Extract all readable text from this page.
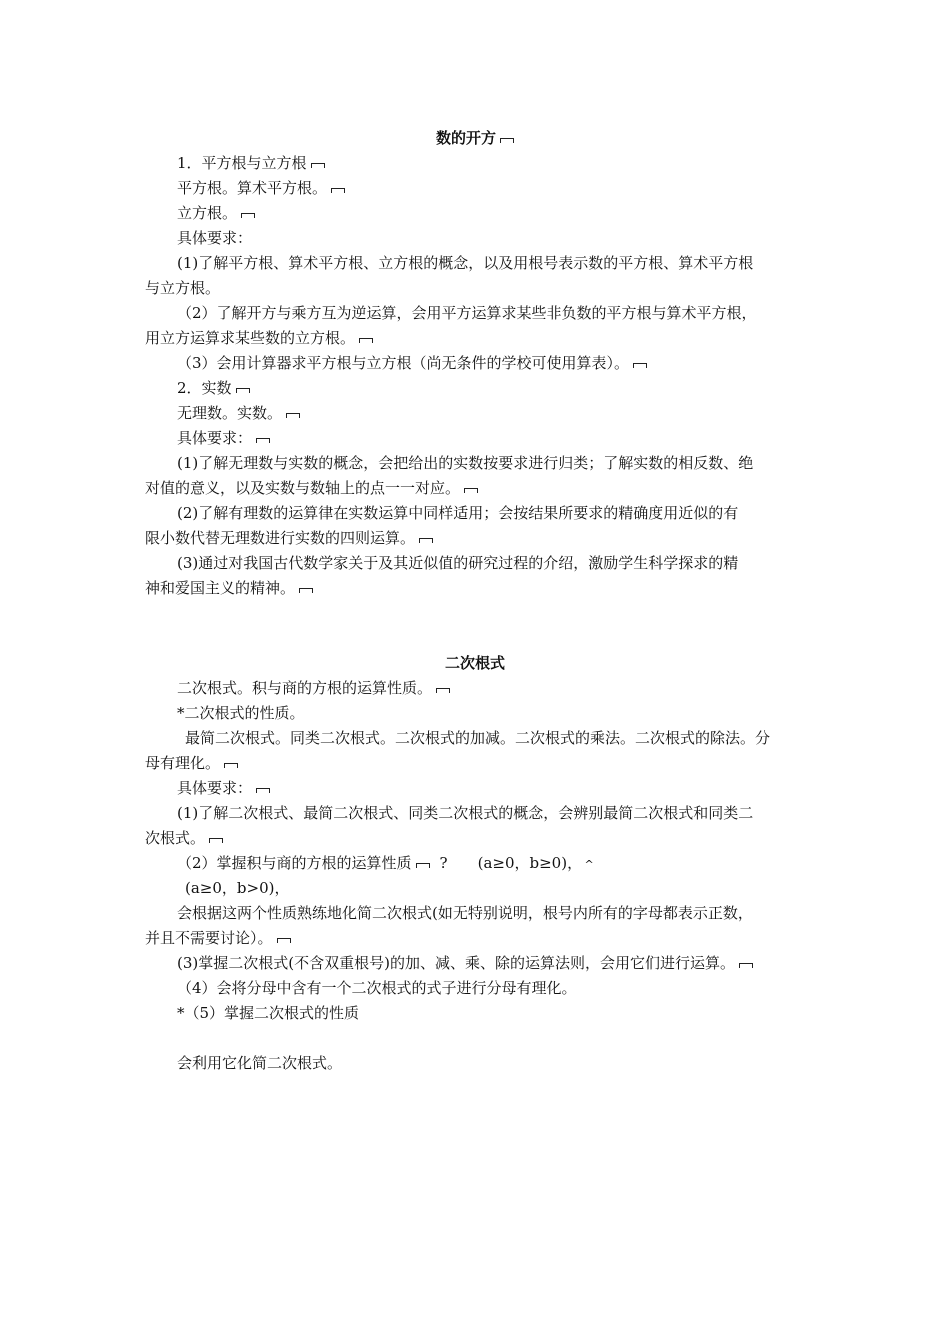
数的开方
1．平方根与立方根
平方根。算术平方根。
立方根。
具体要求：
(1)了解平方根、算术平方根、立方根的概念，以及用根号表示数的平方根、算术平方根
与立方根。
（2）了解开方与乘方互为逆运算，会用平方运算求某些非负数的平方根与算术平方根，
用立方运算求某些数的立方根。
（3）会用计算器求平方根与立方根（尚无条件的学校可使用算表）。
2．实数
无理数。实数。
具体要求：
(1)了解无理数与实数的概念，会把给出的实数按要求进行归类；了解实数的相反数、绝
对值的意义，以及实数与数轴上的点一一对应。
(2)了解有理数的运算律在实数运算中同样适用；会按结果所要求的精确度用近似的有
限小数代替无理数进行实数的四则运算。
(3)通过对我国古代数学家关于及其近似值的研究过程的介绍，激励学生科学探求的精
神和爱国主义的精神。
二次根式
二次根式。积与商的方根的运算性质。
*二次根式的性质。
最简二次根式。同类二次根式。二次根式的加减。二次根式的乘法。二次根式的除法。分
母有理化。
具体要求：
(1)了解二次根式、最简二次根式、同类二次根式的概念，会辨别最简二次根式和同类二
次根式。
（2）掌握积与商的方根的运算性质 ? (a≥0，b≥0)， ^
(a≥0，b>0)，
会根据这两个性质熟练地化简二次根式(如无特别说明，根号内所有的字母都表示正数，
并且不需要讨论）。
(3)掌握二次根式(不含双重根号)的加、减、乘、除的运算法则，会用它们进行运算。
（4）会将分母中含有一个二次根式的式子进行分母有理化。
*（5）掌握二次根式的性质
会利用它化简二次根式。
